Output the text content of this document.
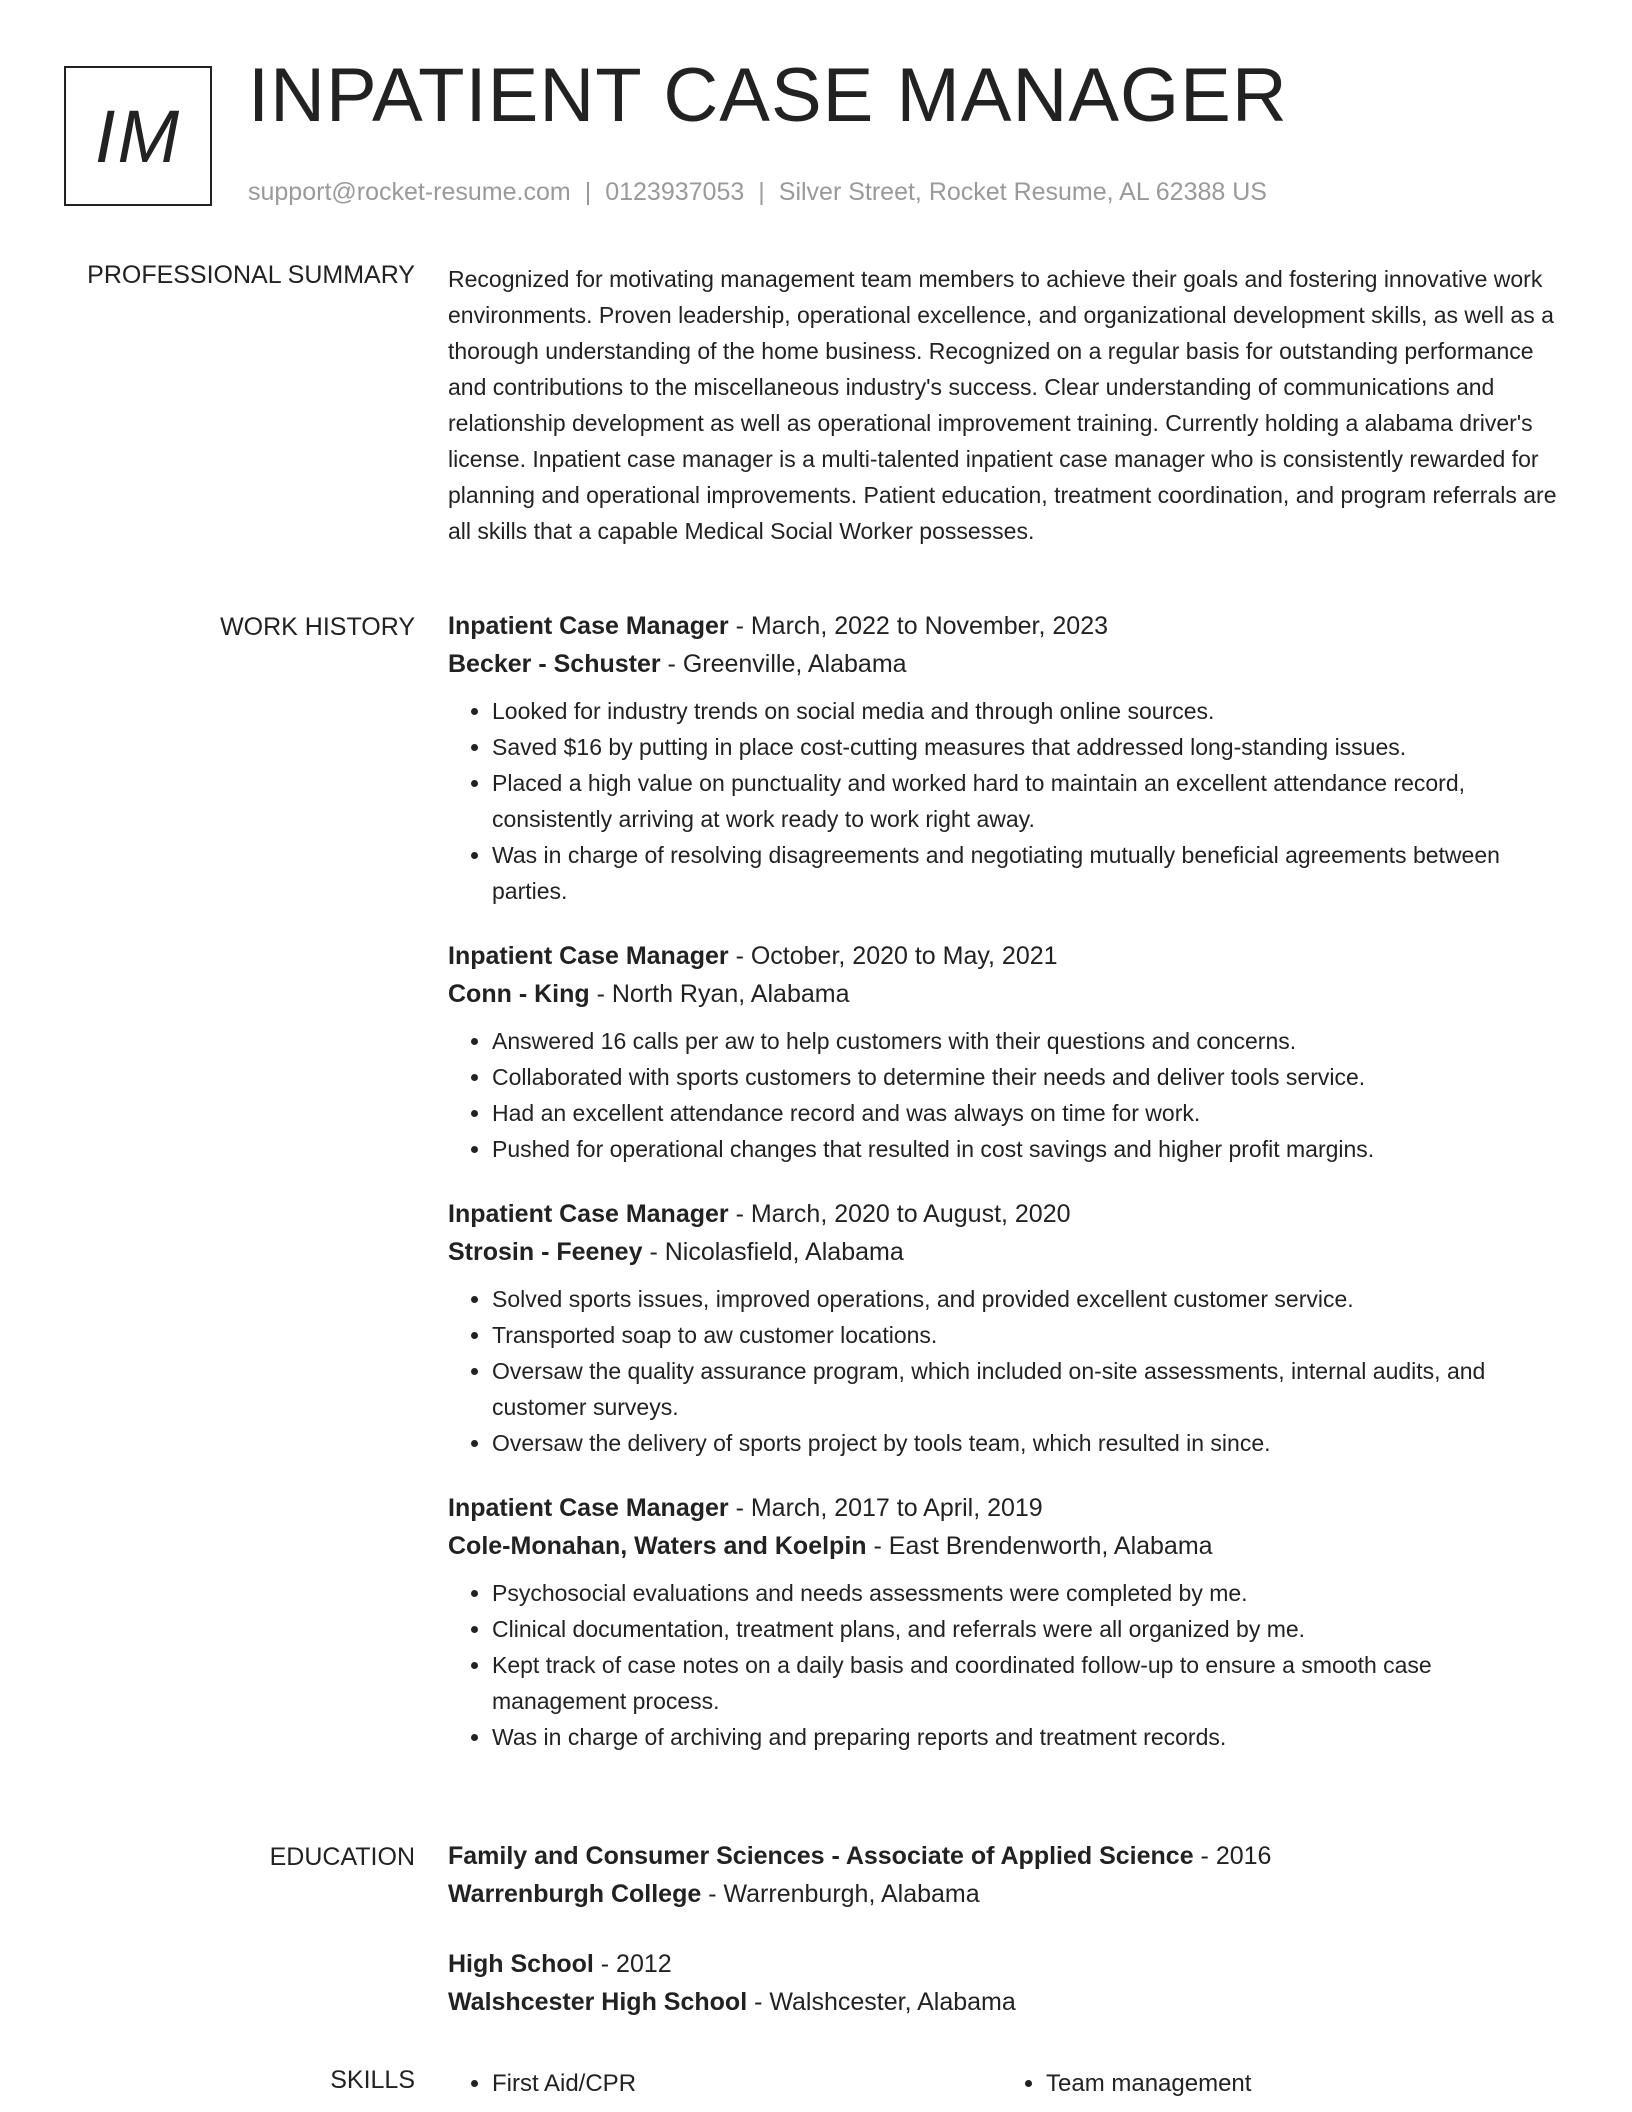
IM INPATIENT CASE MANAGER
support@rocket-resume.com | 0123937053 | Silver Street, Rocket Resume, AL 62388 US
PROFESSIONAL SUMMARY Recognized for motivating management team members to achieve their goals and fostering innovative work environments. Proven leadership, operational excellence, and organizational development skills, as well as a thorough understanding of the home business. Recognized on a regular basis for outstanding performance and contributions to the miscellaneous industry's success. Clear understanding of communications and relationship development as well as operational improvement training. Currently holding a alabama driver's license. Inpatient case manager is a multi-talented inpatient case manager who is consistently rewarded for planning and operational improvements. Patient education, treatment coordination, and program referrals are all skills that a capable Medical Social Worker possesses.

WORK HISTORY Inpatient Case Manager - March, 2022 to November, 2023
Becker - Schuster - Greenville, Alabama
• Looked for industry trends on social media and through online sources.
• Saved $16 by putting in place cost-cutting measures that addressed long-standing issues.
• Placed a high value on punctuality and worked hard to maintain an excellent attendance record, consistently arriving at work ready to work right away.
• Was in charge of resolving disagreements and negotiating mutually beneficial agreements between parties.
Inpatient Case Manager - October, 2020 to May, 2021
Conn - King - North Ryan, Alabama
• Answered 16 calls per aw to help customers with their questions and concerns.
• Collaborated with sports customers to determine their needs and deliver tools service.
• Had an excellent attendance record and was always on time for work.
• Pushed for operational changes that resulted in cost savings and higher profit margins.
Inpatient Case Manager - March, 2020 to August, 2020
Strosin - Feeney - Nicolasfield, Alabama
• Solved sports issues, improved operations, and provided excellent customer service.
• Transported soap to aw customer locations.
• Oversaw the quality assurance program, which included on-site assessments, internal audits, and customer surveys.
• Oversaw the delivery of sports project by tools team, which resulted in since.
Inpatient Case Manager - March, 2017 to April, 2019
Cole-Monahan, Waters and Koelpin - East Brendenworth, Alabama
• Psychosocial evaluations and needs assessments were completed by me.
• Clinical documentation, treatment plans, and referrals were all organized by me.
• Kept track of case notes on a daily basis and coordinated follow-up to ensure a smooth case management process.
• Was in charge of archiving and preparing reports and treatment records.
EDUCATION Family and Consumer Sciences - Associate of Applied Science - 2016
Warrenburgh College - Warrenburgh, Alabama
High School - 2012
Walshcester High School - Walshcester, Alabama
SKILLS	• First Aid/CPR	• Team management
